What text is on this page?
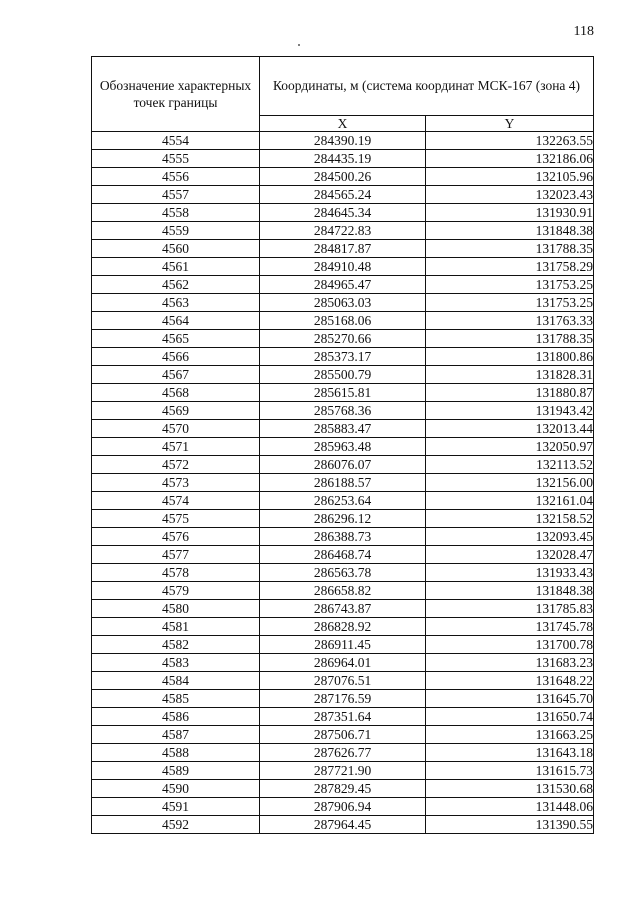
118
Обозначение характерных точек границы	Координаты, м (система координат МСК-167 (зона 4)	
	X	Y
4554	284390.19	132263.55
4555	284435.19	132186.06
4556	284500.26	132105.96
4557	284565.24	132023.43
4558	284645.34	131930.91
4559	284722.83	131848.38
4560	284817.87	131788.35
4561	284910.48	131758.29
4562	284965.47	131753.25
4563	285063.03	131753.25
4564	285168.06	131763.33
4565	285270.66	131788.35
4566	285373.17	131800.86
4567	285500.79	131828.31
4568	285615.81	131880.87
4569	285768.36	131943.42
4570	285883.47	132013.44
4571	285963.48	132050.97
4572	286076.07	132113.52
4573	286188.57	132156.00
4574	286253.64	132161.04
4575	286296.12	132158.52
4576	286388.73	132093.45
4577	286468.74	132028.47
4578	286563.78	131933.43
4579	286658.82	131848.38
4580	286743.87	131785.83
4581	286828.92	131745.78
4582	286911.45	131700.78
4583	286964.01	131683.23
4584	287076.51	131648.22
4585	287176.59	131645.70
4586	287351.64	131650.74
4587	287506.71	131663.25
4588	287626.77	131643.18
4589	287721.90	131615.73
4590	287829.45	131530.68
4591	287906.94	131448.06
4592	287964.45	131390.55
